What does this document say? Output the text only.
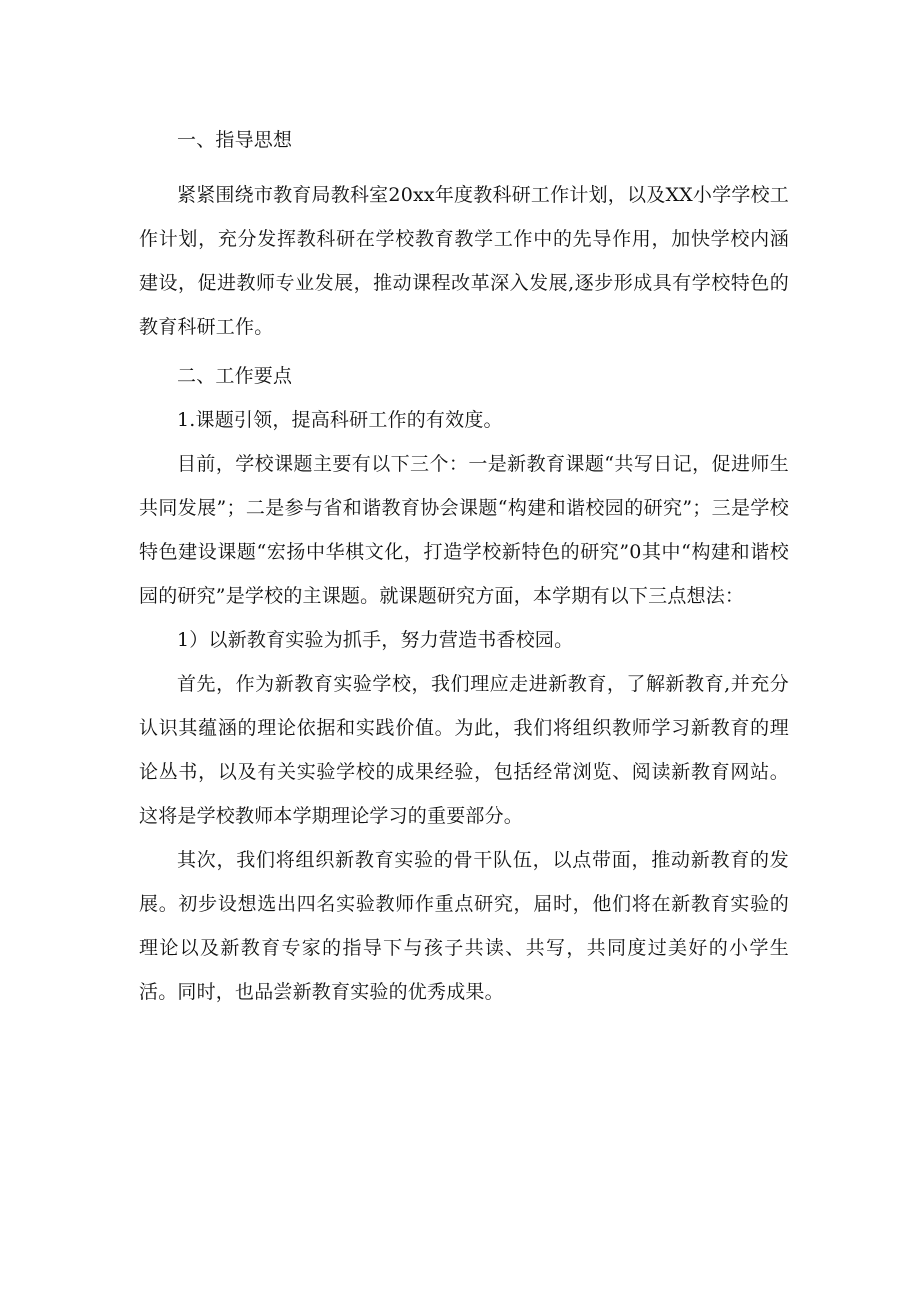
一、指导思想

紧紧围绕市教育局教科室20xx年度教科研工作计划，以及XX小学学校工作计划，充分发挥教科研在学校教育教学工作中的先导作用，加快学校内涵建设，促进教师专业发展，推动课程改革深入发展,逐步形成具有学校特色的教育科研工作。

二、工作要点

1.课题引领，提高科研工作的有效度。

目前，学校课题主要有以下三个：一是新教育课题“共写日记，促进师生共同发展”；二是参与省和谐教育协会课题“构建和谐校园的研究”；三是学校特色建设课题“宏扬中华棋文化，打造学校新特色的研究”0其中“构建和谐校园的研究”是学校的主课题。就课题研究方面，本学期有以下三点想法：

1）以新教育实验为抓手，努力营造书香校园。

首先，作为新教育实验学校，我们理应走进新教育，了解新教育,并充分认识其蕴涵的理论依据和实践价值。为此，我们将组织教师学习新教育的理论丛书，以及有关实验学校的成果经验，包括经常浏览、阅读新教育网站。这将是学校教师本学期理论学习的重要部分。

其次，我们将组织新教育实验的骨干队伍，以点带面，推动新教育的发展。初步设想选出四名实验教师作重点研究，届时，他们将在新教育实验的理论以及新教育专家的指导下与孩子共读、共写，共同度过美好的小学生活。同时，也品尝新教育实验的优秀成果。
